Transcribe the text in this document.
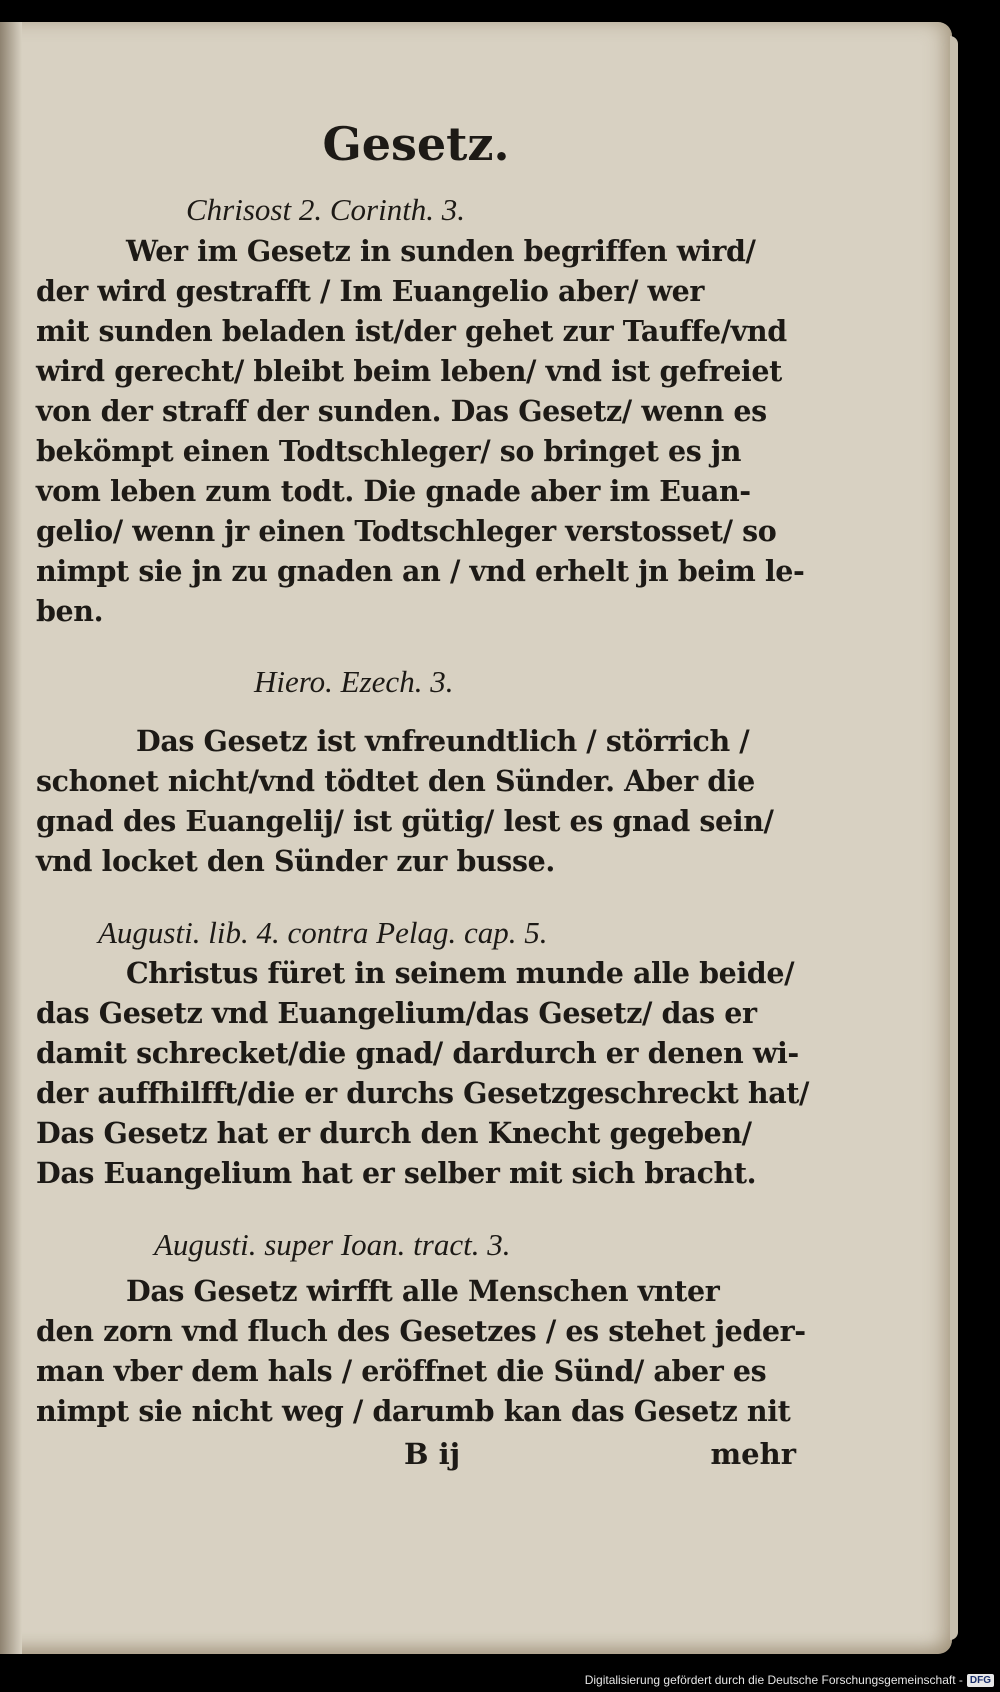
Gesetz.
Chrisost 2. Corinth. 3.
Wer im Gesetz in sunden begriffen wird/
der wird gestrafft / Im Euangelio aber/ wer
mit sunden beladen ist/der gehet zur Tauffe/vnd
wird gerecht/ bleibt beim leben/ vnd ist gefreiet
von der straff der sunden. Das Gesetz/ wenn es
bekömpt einen Todtschleger/ so bringet es jn
vom leben zum todt. Die gnade aber im Euan-
gelio/ wenn jr einen Todtschleger verstosset/ so
nimpt sie jn zu gnaden an / vnd erhelt jn beim le-
ben.
Hiero. Ezech. 3.
Das Gesetz ist vnfreundtlich / störrich /
schonet nicht/vnd tödtet den Sünder. Aber die
gnad des Euangelij/ ist gütig/ lest es gnad sein/
vnd locket den Sünder zur busse.
Augusti. lib. 4. contra Pelag. cap. 5.
Christus füret in seinem munde alle beide/
das Gesetz vnd Euangelium/das Gesetz/ das er
damit schrecket/die gnad/ dardurch er denen wi-
der auffhilfft/die er durchs Gesetzgeschreckt hat/
Das Gesetz hat er durch den Knecht gegeben/
Das Euangelium hat er selber mit sich bracht.
Augusti. super Ioan. tract. 3.
Das Gesetz wirfft alle Menschen vnter
den zorn vnd fluch des Gesetzes / es stehet jeder-
man vber dem hals / eröffnet die Sünd/ aber es
nimpt sie nicht weg / darumb kan das Gesetz nit
B ij	mehr
Digitalisierung gefördert durch die Deutsche Forschungsgemeinschaft - DFG
